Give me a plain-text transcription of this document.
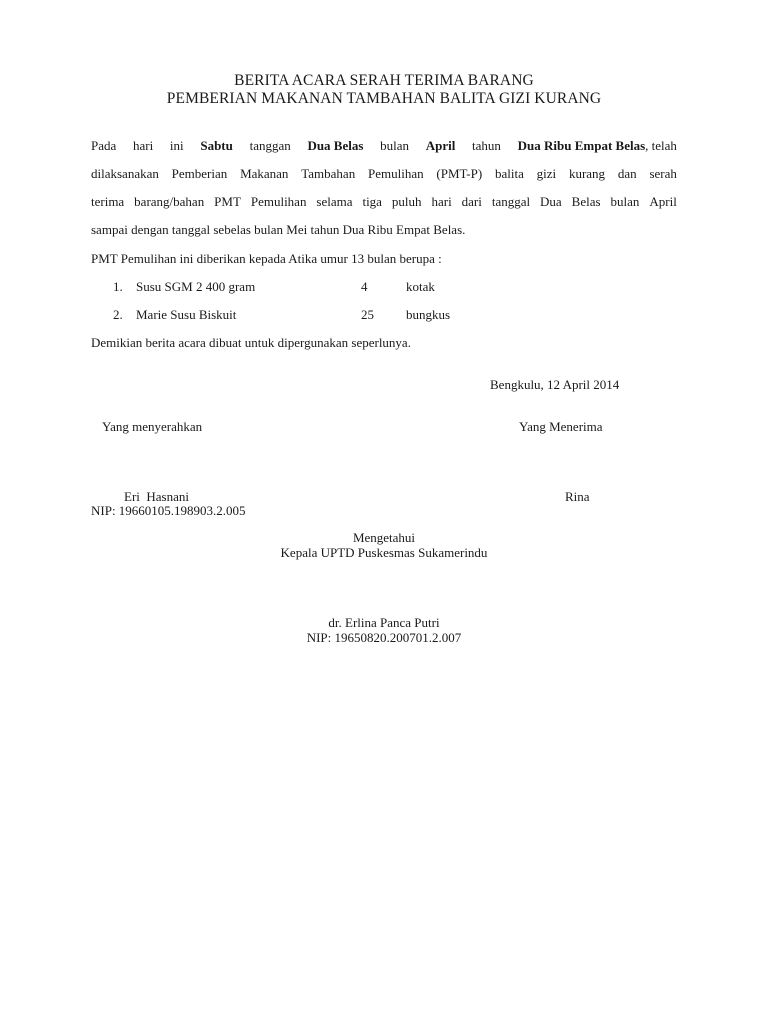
BERITA ACARA SERAH TERIMA BARANG
PEMBERIAN MAKANAN TAMBAHAN BALITA GIZI KURANG
Pada hari ini Sabtu tanggan Dua Belas bulan April tahun Dua Ribu Empat Belas, telah
dilaksanakan Pemberian Makanan Tambahan Pemulihan (PMT-P) balita gizi kurang dan serah
terima barang/bahan PMT Pemulihan selama tiga puluh hari dari tanggal Dua Belas bulan April
sampai dengan tanggal sebelas bulan Mei tahun Dua Ribu Empat Belas.
PMT Pemulihan ini diberikan kepada Atika umur 13 bulan berupa :
1. Susu SGM 2 400 gram	4	kotak
2. Marie Susu Biskuit	25 bungkus
Demikian berita acara dibuat untuk dipergunakan seperlunya.
Bengkulu, 12 April 2014
Yang menyerahkan	Yang Menerima
Eri  Hasnani	Rina
NIP: 19660105.198903.2.005
Mengetahui
Kepala UPTD Puskesmas Sukamerindu
dr. Erlina Panca Putri
NIP: 19650820.200701.2.007
